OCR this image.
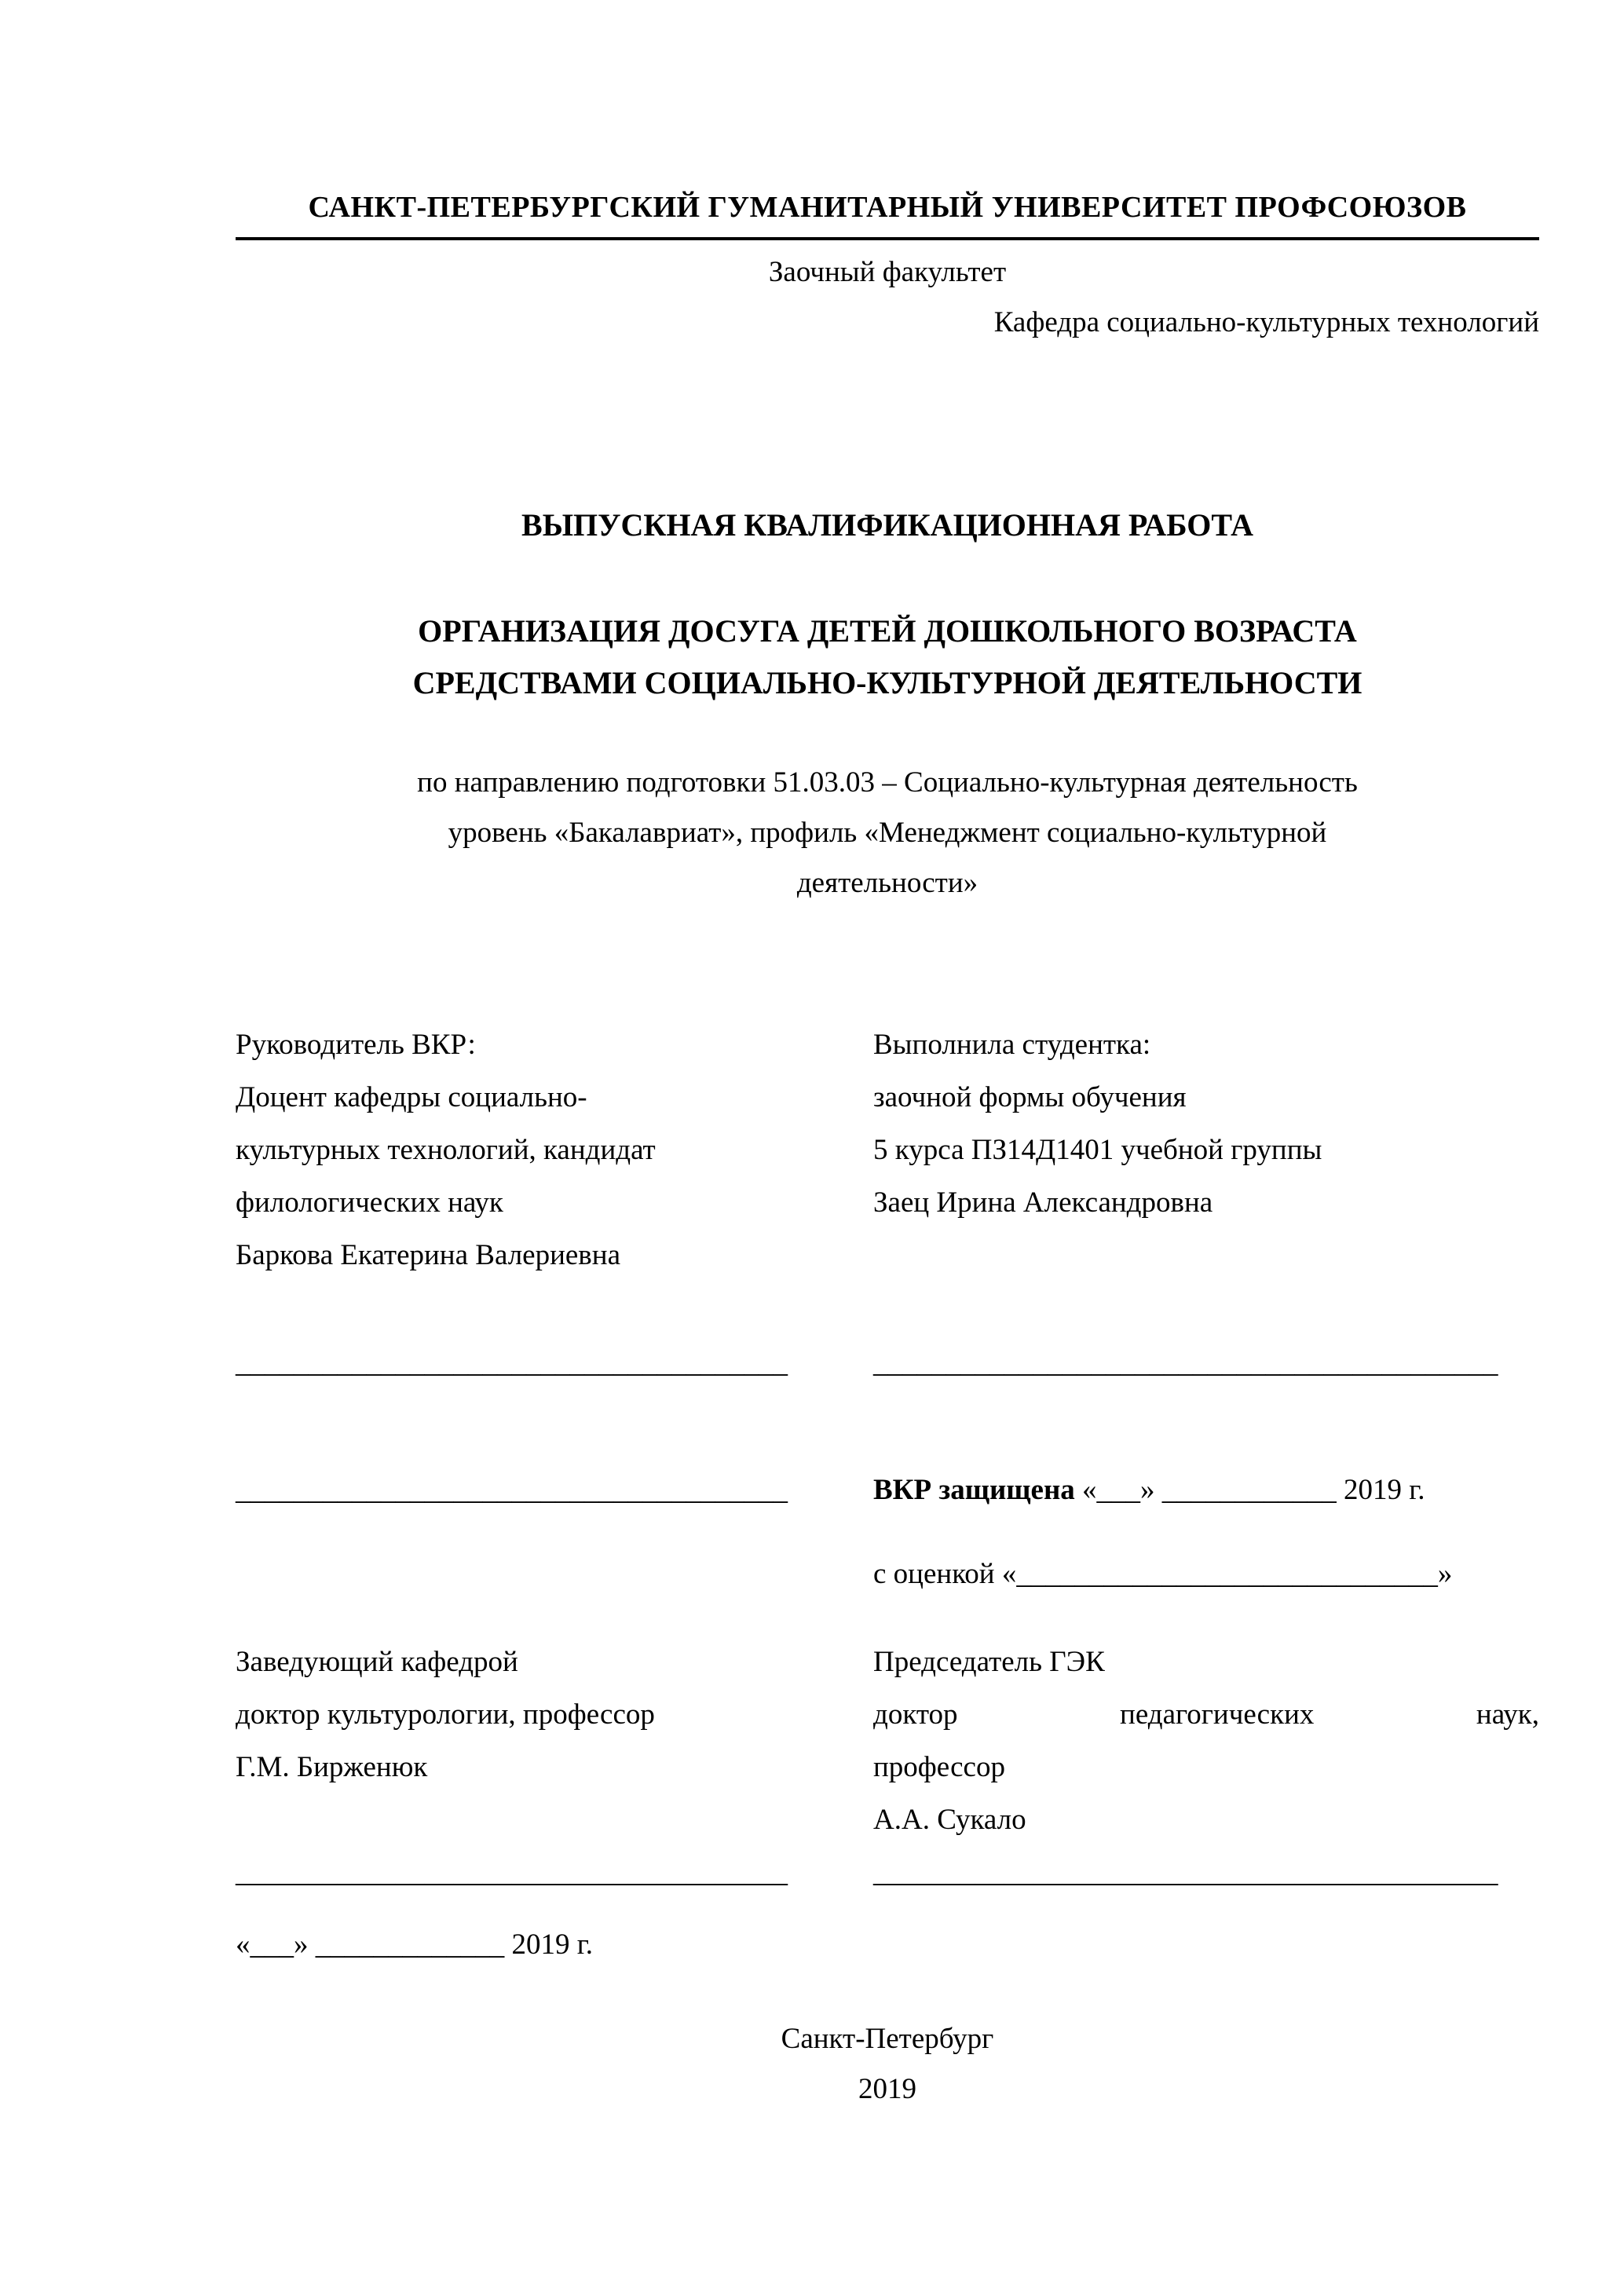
САНКТ-ПЕТЕРБУРГСКИЙ ГУМАНИТАРНЫЙ УНИВЕРСИТЕТ ПРОФСОЮЗОВ
Заочный факультет
Кафедра социально-культурных технологий
ВЫПУСКНАЯ КВАЛИФИКАЦИОННАЯ РАБОТА
ОРГАНИЗАЦИЯ ДОСУГА ДЕТЕЙ ДОШКОЛЬНОГО ВОЗРАСТА
СРЕДСТВАМИ СОЦИАЛЬНО-КУЛЬТУРНОЙ ДЕЯТЕЛЬНОСТИ
по направлению подготовки 51.03.03 – Социально-культурная деятельность
уровень «Бакалавриат», профиль «Менеджмент социально-культурной
деятельности»
Руководитель ВКР:
Доцент кафедры социально-
культурных технологий, кандидат
филологических наук
Баркова Екатерина Валериевна
Выполнила студентка:
заочной формы обучения
5 курса ПЗ14Д1401 учебной группы
Заец Ирина Александровна
______________________________________	___________________________________________
______________________________________	ВКР защищена «___» ____________ 2019 г.
с оценкой «_____________________________»
Заведующий кафедрой
доктор культурологии, профессор
Г.М. Бирженюк
Председатель ГЭК
доктор	педагогических	наук,
профессор
А.А. Сукало
______________________________________	___________________________________________
«___» _____________ 2019 г.
Санкт-Петербург
2019
